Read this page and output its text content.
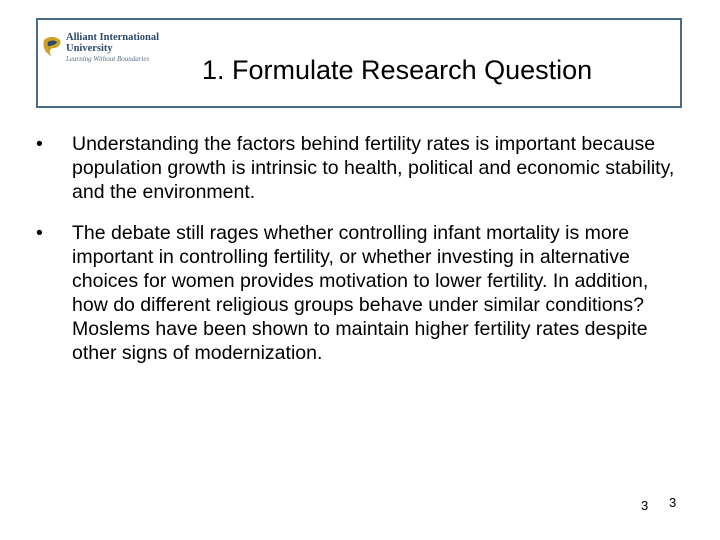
Alliant International
University
Learning Without Boundaries 1. Formulate Research Question
•	Understanding the factors behind fertility rates is important because population growth is intrinsic to health, political and economic stability, and the environment.
•	The debate still rages whether controlling infant mortality is more important in controlling fertility, or whether investing in alternative choices for women provides motivation to lower fertility. In addition, how do different religious groups behave under similar conditions? Moslems have been shown to maintain higher fertility rates despite other signs of modernization.
3 3
